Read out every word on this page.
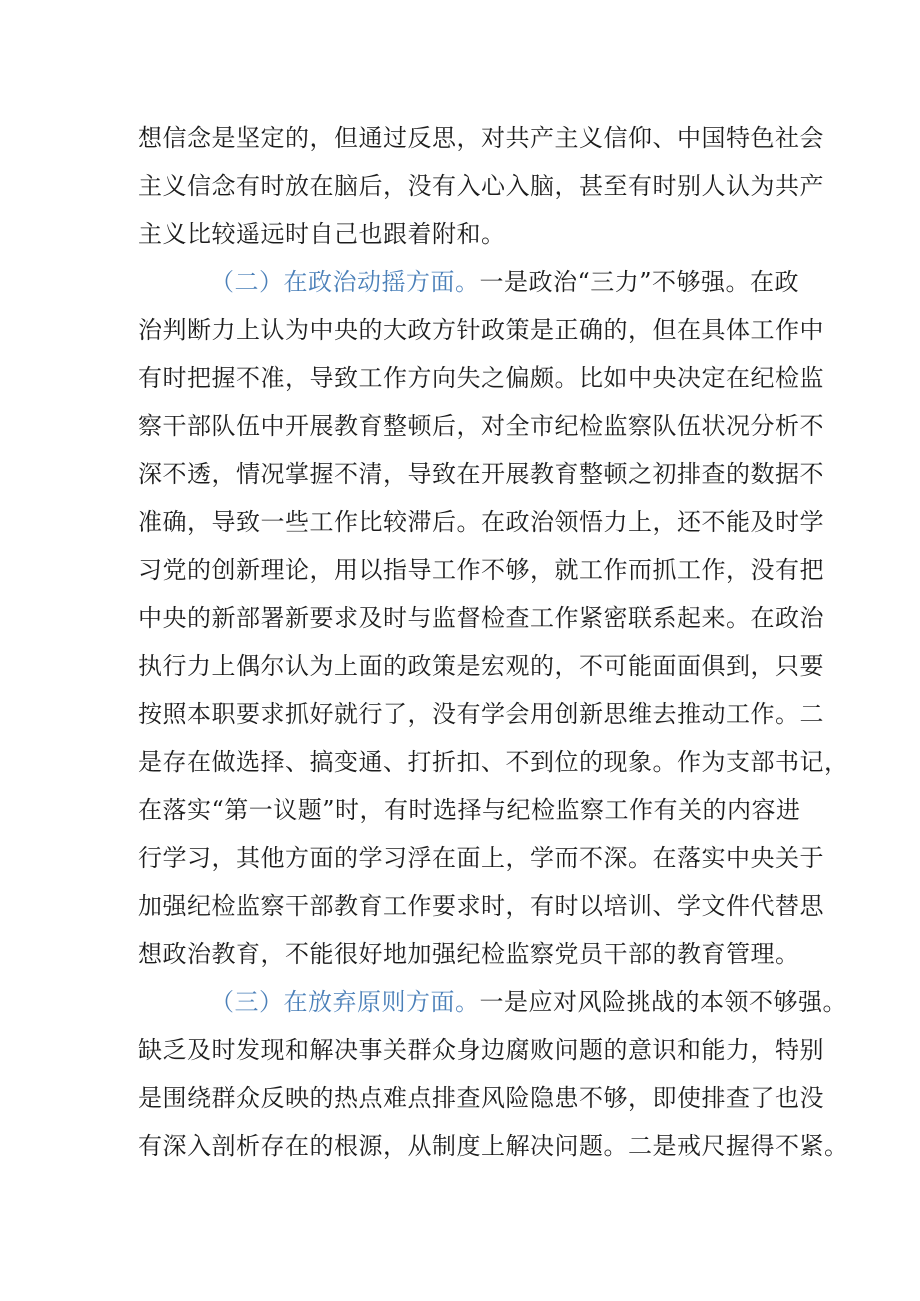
想信念是坚定的，但通过反思，对共产主义信仰、中国特色社会
主义信念有时放在脑后，没有入心入脑，甚至有时别人认为共产
主义比较遥远时自己也跟着附和。
（二）在政治动摇方面。一是政治“三力”不够强。在政
治判断力上认为中央的大政方针政策是正确的，但在具体工作中
有时把握不准，导致工作方向失之偏颇。比如中央决定在纪检监
察干部队伍中开展教育整顿后，对全市纪检监察队伍状况分析不
深不透，情况掌握不清，导致在开展教育整顿之初排查的数据不
准确，导致一些工作比较滞后。在政治领悟力上，还不能及时学
习党的创新理论，用以指导工作不够，就工作而抓工作，没有把
中央的新部署新要求及时与监督检查工作紧密联系起来。在政治
执行力上偶尔认为上面的政策是宏观的，不可能面面俱到，只要
按照本职要求抓好就行了，没有学会用创新思维去推动工作。二
是存在做选择、搞变通、打折扣、不到位的现象。作为支部书记，
在落实“第一议题”时，有时选择与纪检监察工作有关的内容进
行学习，其他方面的学习浮在面上，学而不深。在落实中央关于
加强纪检监察干部教育工作要求时，有时以培训、学文件代替思
想政治教育，不能很好地加强纪检监察党员干部的教育管理。
（三）在放弃原则方面。一是应对风险挑战的本领不够强。
缺乏及时发现和解决事关群众身边腐败问题的意识和能力，特别
是围绕群众反映的热点难点排查风险隐患不够，即使排查了也没
有深入剖析存在的根源，从制度上解决问题。二是戒尺握得不紧。
